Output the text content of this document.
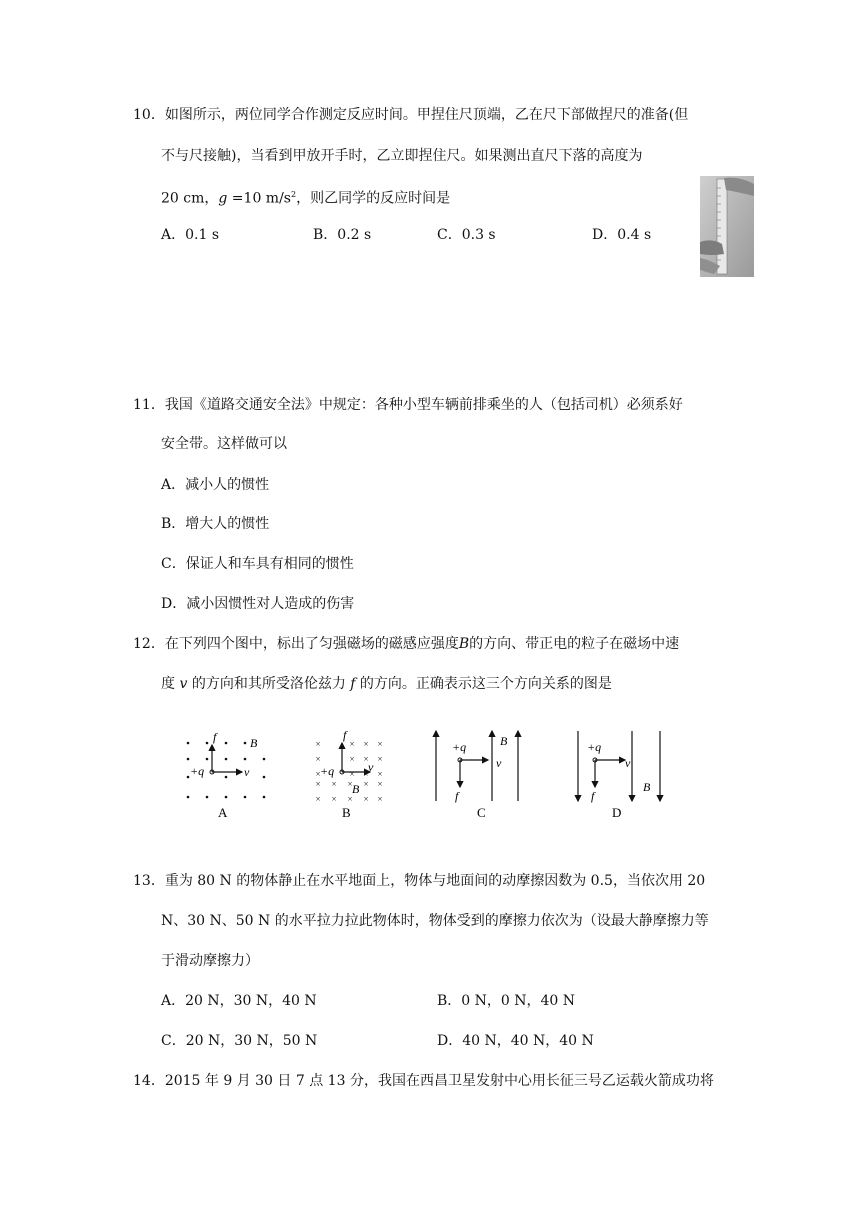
10．如图所示，两位同学合作测定反应时间。甲捏住尺顶端，乙在尺下部做捏尺的准备(但
不与尺接触)，当看到甲放开手时，乙立即捏住尺。如果测出直尺下落的高度为
20 cm，g =10 $m/s^2$，则乙同学的反应时间是
A．0.1 s	B．0.2 s	C．0.3 s	D．0.4 s
11．我国《道路交通安全法》中规定：各种小型车辆前排乘坐的人（包括司机）必须系好
安全带。这样做可以
A．减小人的惯性
B．增大人的惯性
C．保证人和车具有相同的惯性
D．减小因惯性对人造成的伤害
12．在下列四个图中，标出了匀强磁场的磁感应强度B的方向、带正电的粒子在磁场中速
度 v 的方向和其所受洛伦兹力 f 的方向。正确表示这三个方向关系的图是
f	B
+q	v
A
×	× × ×
×	× × ×
×	× × ×
× × × × ×
× × × × ×
f
+q	v
B
B
+q	B
v
f
C
+q
v
f
B
D
13．重为 80 N 的物体静止在水平地面上，物体与地面间的动摩擦因数为 0.5，当依次用 20
N、30 N、50 N 的水平拉力拉此物体时，物体受到的摩擦力依次为（设最大静摩擦力等
于滑动摩擦力）
A．20 N，30 N，40 N	B．0 N，0 N，40 N
C．20 N，30 N，50 N	D．40 N，40 N，40 N
14．2015 年 9 月 30 日 7 点 13 分，我国在西昌卫星发射中心用长征三号乙运载火箭成功将
